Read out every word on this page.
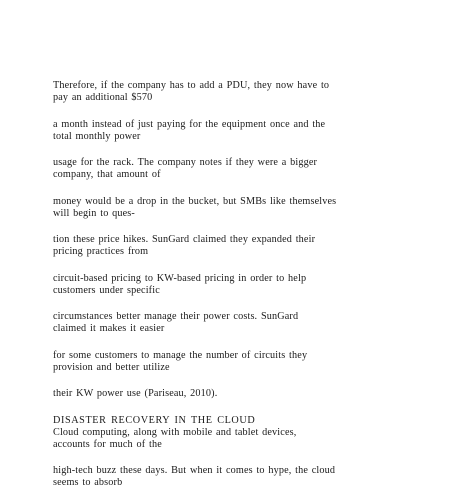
Therefore, if the company has to add a PDU, they now have to
pay an additional $570

a month instead of just paying for the equipment once and the
total monthly power

usage for the rack. The company notes if they were a bigger
company, that amount of

money would be a drop in the bucket, but SMBs like themselves
will begin to ques-

tion these price hikes. SunGard claimed they expanded their
pricing practices from

circuit-based pricing to KW-based pricing in order to help
customers under specific

circumstances better manage their power costs. SunGard
claimed it makes it easier

for some customers to manage the number of circuits they
provision and better utilize

their KW power use (Pariseau, 2010).

DISASTER RECOVERY IN THE CLOUD
Cloud computing, along with mobile and tablet devices,
accounts for much of the

high-tech buzz these days. But when it comes to hype, the cloud
seems to absorb
